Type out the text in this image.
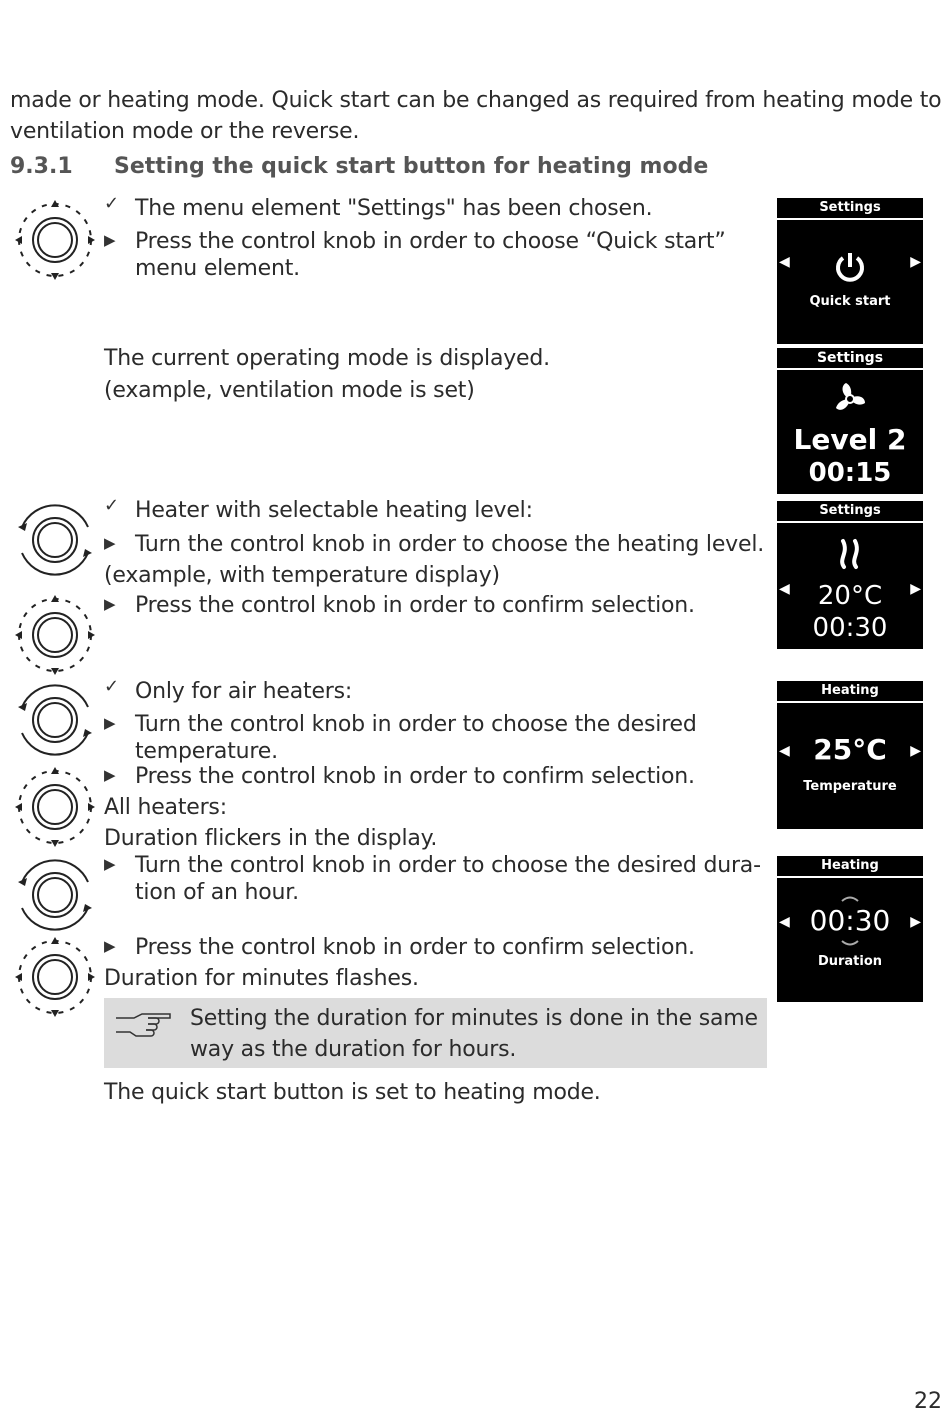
made or heating mode. Quick start can be changed as required from heating mode to
ventilation mode or the reverse.
9.3.1 Setting the quick start button for heating mode
✓ The menu element "Settings" has been chosen.
▶ Press the control knob in order to choose “Quick start”
menu element.
The current operating mode is displayed.
(example, ventilation mode is set)
✓ Heater with selectable heating level:
▶ Turn the control knob in order to choose the heating level.
(example, with temperature display)
▶ Press the control knob in order to confirm selection.
✓ Only for air heaters:
▶ Turn the control knob in order to choose the desired
temperature.
▶ Press the control knob in order to confirm selection.
All heaters:
Duration flickers in the display.
▶ Turn the control knob in order to choose the desired dura-
tion of an hour.
▶ Press the control knob in order to confirm selection.
Duration for minutes flashes.
Setting the duration for minutes is done in the same
way as the duration for hours.
The quick start button is set to heating mode.
Settings
◀	▶
Quick start
Settings
Level 2
00:15
Settings
◀	▶
20°C
00:30
Heating
◀	▶
25°C
Temperature
Heating
◀	▶
00:30
Duration
22
